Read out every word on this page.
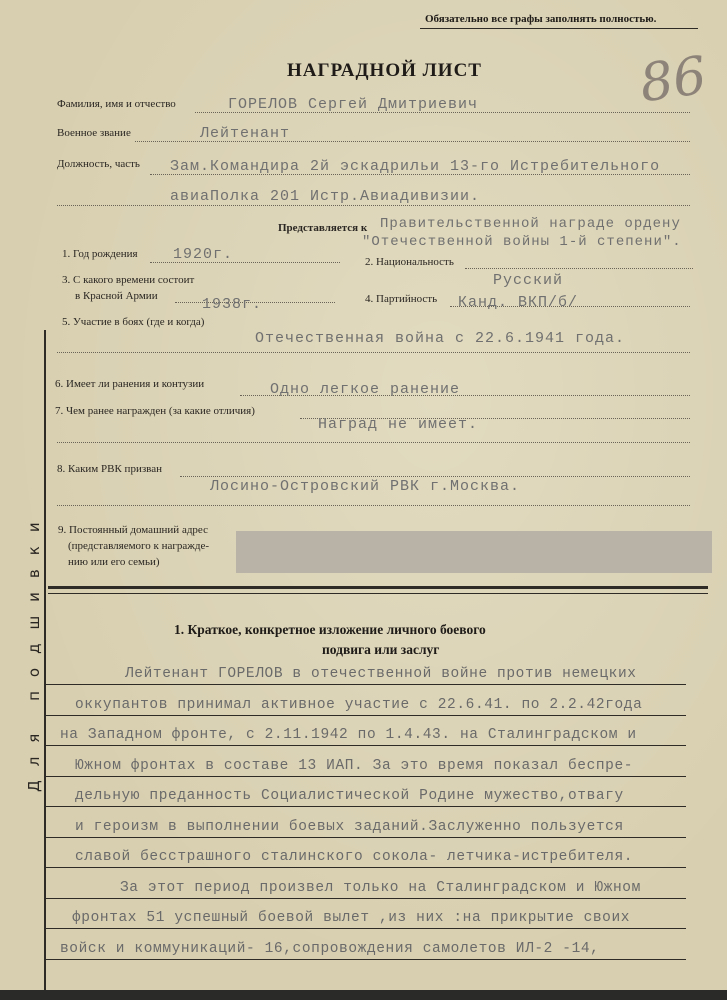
Обязательно все графы заполнять полностью.
НАГРАДНОЙ ЛИСТ	86
Фамилия, имя и отчество	ГОРЕЛОВ Сергей Дмитриевич
Военное звание	Лейтенант
Должность, часть Зам.Командира 2й эскадрильи 13-го Истребительного
авиаПолка 201 Истр.Авиадивизии.
Представляется к Правительственной награде ордену
"Отечественной войны 1-й степени".
1. Год рождения 1920г.	2. Национальность
Русский
3. С какого времени состоит
в Красной Армии	1938г.	4. Партийность Канд. ВКП/б/
5. Участие в боях (где и когда)
Отечественная война с 22.6.1941 года.
6. Имеет ли ранения и контузии	Одно легкое ранение
7. Чем ранее награжден (за какие отличия)
Наград не имеет.
8. Каким РВК призван
Лосино-Островский РВК г.Москва.
9. Постоянный домашний адрес
(представляемого к награжде-
нию или его семьи)
Для подшивки	1. Краткое, конкретное изложение личного боевого
подвига или заслуг
Лейтенант ГОРЕЛОВ в отечественной войне против немецких
оккупантов принимал активное участие с 22.6.41. по 2.2.42года
на Западном фронте, с 2.11.1942 по 1.4.43. на Сталинградском и
Южном фронтах в составе 13 ИАП. За это время показал беспре-
дельную преданность Социалистической Родине мужество,отвагу
и героизм в выполнении боевых заданий.Заслуженно пользуется
славой бесстрашного сталинского сокола- летчика-истребителя.
За этот период произвел только на Сталинградском и Южном
фронтах 51 успешный боевой вылет ,из них :на прикрытие своих
войск и коммуникаций- 16,сопровождения самолетов ИЛ-2 -14,
